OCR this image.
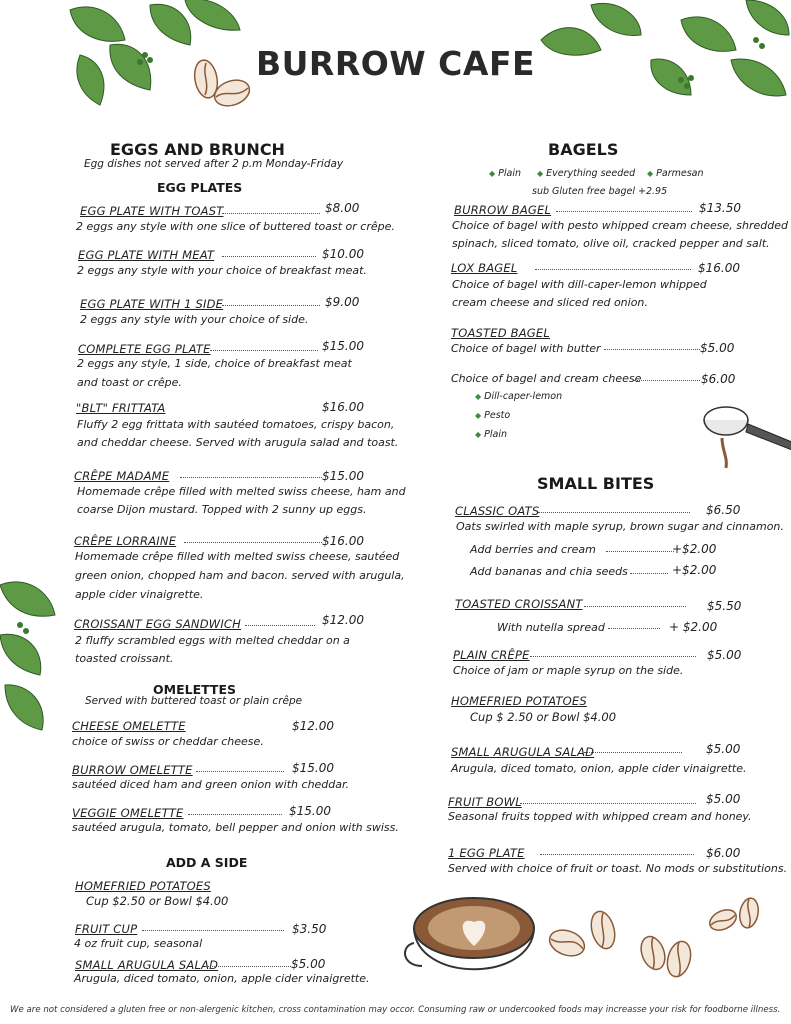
BURROW CAFE
EGGS AND BRUNCH
Egg dishes not served after 2 p.m Monday-Friday
EGG PLATES
EGG PLATE WITH TOAST	$8.00
2 eggs any style with one slice of buttered toast or crêpe.
EGG PLATE WITH MEAT	$10.00
2 eggs any style with your choice of breakfast meat.
EGG PLATE WITH 1 SIDE	$9.00
2 eggs any style with your choice of side.
COMPLETE EGG PLATE	$15.00
2 eggs any style, 1 side, choice of breakfast meat
and toast or crêpe.
"BLT" FRITTATA	$16.00
Fluffy 2 egg frittata with sautéed tomatoes, crispy bacon,
and cheddar cheese. Served with arugula salad and toast.
CRÊPE MADAME	$15.00
Homemade crêpe filled with melted swiss cheese, ham and
coarse Dijon mustard. Topped with 2 sunny up eggs.
CRÊPE LORRAINE	$16.00
Homemade crêpe filled with melted swiss cheese, sautéed
green onion, chopped ham and bacon. served with arugula,
apple cider vinaigrette.
CROISSANT EGG SANDWICH	$12.00
2 fluffy scrambled eggs with melted cheddar on a
toasted croissant.
OMELETTES
Served with buttered toast or plain crêpe
CHEESE OMELETTE	$12.00
choice of swiss or cheddar cheese.
BURROW OMELETTE	$15.00
sautéed diced ham and green onion with cheddar.
VEGGIE OMELETTE	$15.00
sautéed arugula, tomato, bell pepper and onion with swiss.
ADD A SIDE
HOMEFRIED POTATOES
Cup $2.50 or Bowl $4.00
FRUIT CUP	$3.50
4 oz fruit cup, seasonal
SMALL ARUGULA SALAD	$5.00
Arugula, diced tomato, onion, apple cider vinaigrette.
BAGELS
◆ Plain ◆ Everything seeded ◆ Parmesan
sub Gluten free bagel +2.95
BURROW BAGEL	$13.50
Choice of bagel with pesto whipped cream cheese, shredded
spinach, sliced tomato, olive oil, cracked pepper and salt.
LOX BAGEL	$16.00
Choice of bagel with dill-caper-lemon whipped
cream cheese and sliced red onion.
TOASTED BAGEL
Choice of bagel with butter	$5.00
Choice of bagel and cream cheese	$6.00
◆ Dill-caper-lemon
◆ Pesto
◆ Plain
SMALL BITES
CLASSIC OATS	$6.50
Oats swirled with maple syrup, brown sugar and cinnamon.
Add berries and cream	+$2.00
Add bananas and chia seeds	+$2.00
TOASTED CROISSANT	$5.50
With nutella spread	+ $2.00
PLAIN CRÊPE	$5.00
Choice of jam or maple syrup on the side.
HOMEFRIED POTATOES
Cup $ 2.50 or Bowl $4.00
SMALL ARUGULA SALAD	$5.00
Arugula, diced tomato, onion, apple cider vinaigrette.
FRUIT BOWL	$5.00
Seasonal fruits topped with whipped cream and honey.
1 EGG PLATE	$6.00
Served with choice of fruit or toast. No mods or substitutions.
We are not considered a gluten free or non-alergenic kitchen, cross contamination may occor. Consuming raw or undercooked foods may increasse your risk for foodborne illness.
